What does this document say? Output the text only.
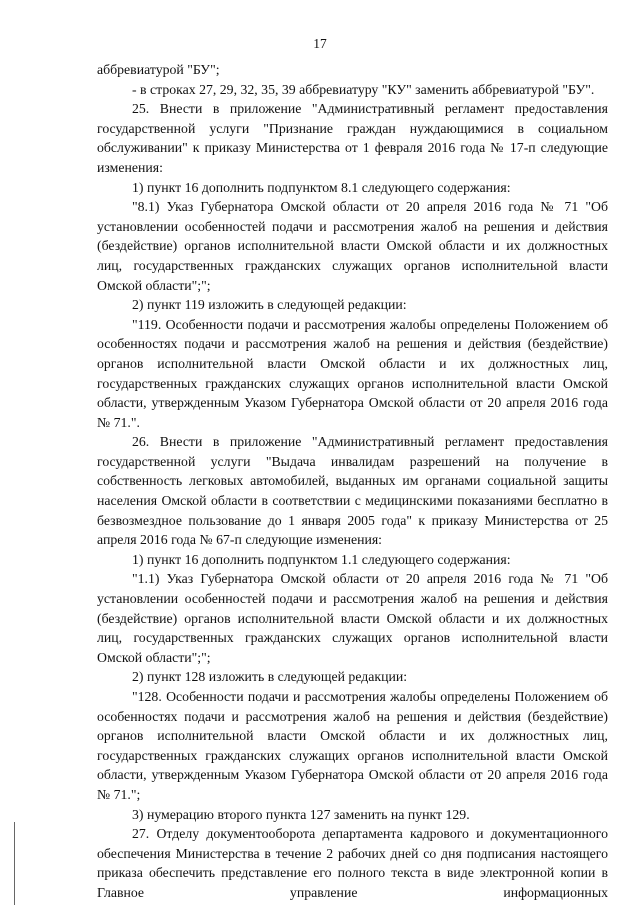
17

аббревиатурой "БУ";

- в строках 27, 29, 32, 35, 39 аббревиатуру "КУ" заменить аббревиатурой "БУ".

25. Внести в приложение "Административный регламент предоставления государственной услуги "Признание граждан нуждающимися в социальном обслуживании" к приказу Министерства от 1 февраля 2016 года № 17-п следующие изменения:

1) пункт 16 дополнить подпунктом 8.1 следующего содержания:

"8.1) Указ Губернатора Омской области от 20 апреля 2016 года № 71 "Об установлении особенностей подачи и рассмотрения жалоб на решения и действия (бездействие) органов исполнительной власти Омской области и их должностных лиц, государственных гражданских служащих органов исполнительной власти Омской области";";

2) пункт 119 изложить в следующей редакции:

"119. Особенности подачи и рассмотрения жалобы определены Положением об особенностях подачи и рассмотрения жалоб на решения и действия (бездействие) органов исполнительной власти Омской области и их должностных лиц, государственных гражданских служащих органов исполнительной власти Омской области, утвержденным Указом Губернатора Омской области от 20 апреля 2016 года № 71.".

26. Внести в приложение "Административный регламент предоставления государственной услуги "Выдача инвалидам разрешений на получение в собственность легковых автомобилей, выданных им органами социальной защиты населения Омской области в соответствии с медицинскими показаниями бесплатно в безвозмездное пользование до 1 января 2005 года" к приказу Министерства от 25 апреля 2016 года № 67-п следующие изменения:

1) пункт 16 дополнить подпунктом 1.1 следующего содержания:

"1.1) Указ Губернатора Омской области от 20 апреля 2016 года № 71 "Об установлении особенностей подачи и рассмотрения жалоб на решения и действия (бездействие) органов исполнительной власти Омской области и их должностных лиц, государственных гражданских служащих органов исполнительной власти Омской области";";

2) пункт 128 изложить в следующей редакции:

"128. Особенности подачи и рассмотрения жалобы определены Положением об особенностях подачи и рассмотрения жалоб на решения и действия (бездействие) органов исполнительной власти Омской области и их должностных лиц, государственных гражданских служащих органов исполнительной власти Омской области, утвержденным Указом Губернатора Омской области от 20 апреля 2016 года № 71.";

3) нумерацию второго пункта 127 заменить на пункт 129.

27. Отделу документооборота департамента кадрового и документационного обеспечения Министерства в течение 2 рабочих дней со дня подписания настоящего приказа обеспечить представление его полного текста в виде электронной копии в Главное управление информационных
